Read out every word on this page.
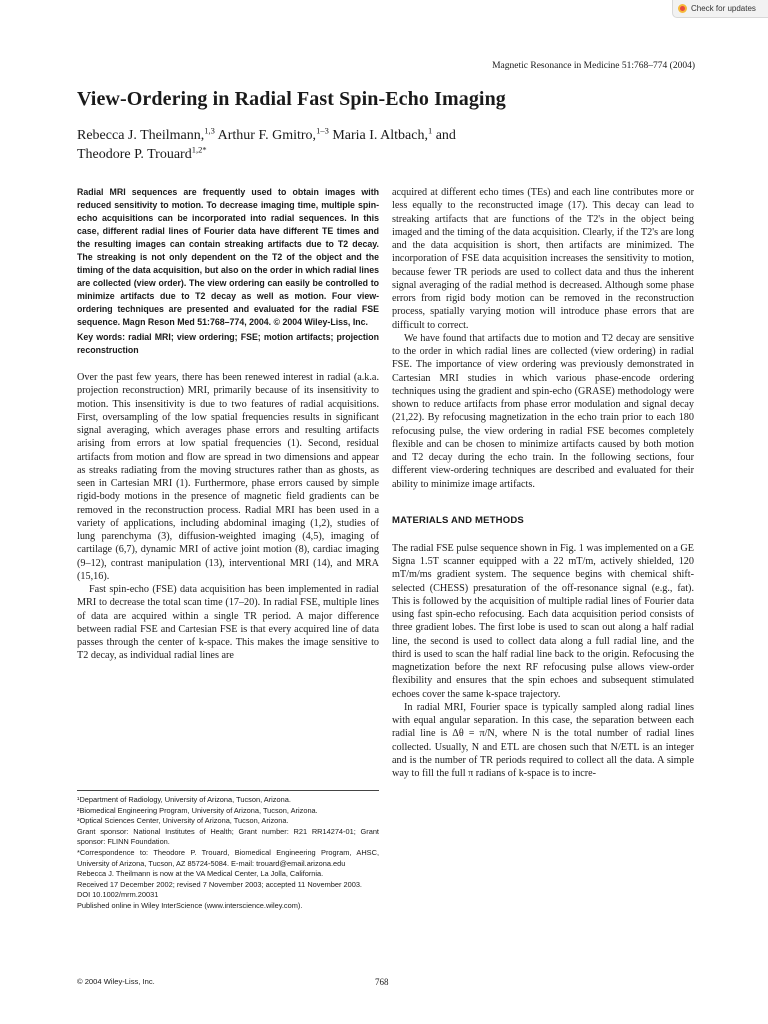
Check for updates
Magnetic Resonance in Medicine 51:768–774 (2004)
View-Ordering in Radial Fast Spin-Echo Imaging
Rebecca J. Theilmann,$^{1,3}$ Arthur F. Gmitro,$^{1-3}$ Maria I. Altbach,$^1$ and
Theodore P. Trouard$^{1,2*}$

Radial MRI sequences are frequently used to obtain images with reduced sensitivity to motion. To decrease imaging time, multiple spin-echo acquisitions can be incorporated into radial sequences. In this case, different radial lines of Fourier data have different TE times and the resulting images can contain streaking artifacts due to T2 decay. The streaking is not only dependent on the T2 of the object and the timing of the data acquisition, but also on the order in which radial lines are collected (view order). The view ordering can easily be controlled to minimize artifacts due to T2 decay as well as motion. Four view-ordering techniques are presented and evaluated for the radial FSE sequence. Magn Reson Med 51:768–774, 2004. © 2004 Wiley-Liss, Inc.

Key words: radial MRI; view ordering; FSE; motion artifacts; projection reconstruction

Over the past few years, there has been renewed interest in radial (a.k.a. projection reconstruction) MRI, primarily because of its insensitivity to motion. This insensitivity is due to two features of radial acquisitions. First, oversampling of the low spatial frequencies results in significant signal averaging, which averages phase errors and resulting artifacts arising from errors at low spatial frequencies (1). Second, residual artifacts from motion and flow are spread in two dimensions and appear as streaks radiating from the moving structures rather than as ghosts, as seen in Cartesian MRI (1). Furthermore, phase errors caused by simple rigid-body motions in the presence of magnetic field gradients can be removed in the reconstruction process. Radial MRI has been used in a variety of applications, including abdominal imaging (1,2), studies of lung parenchyma (3), diffusion-weighted imaging (4,5), imaging of cartilage (6,7), dynamic MRI of active joint motion (8), cardiac imaging (9–12), contrast manipulation (13), interventional MRI (14), and MRA (15,16).

Fast spin-echo (FSE) data acquisition has been implemented in radial MRI to decrease the total scan time (17–20). In radial FSE, multiple lines of data are acquired within a single TR period. A major difference between radial FSE and Cartesian FSE is that every acquired line of data passes through the center of k-space. This makes the image sensitive to T2 decay, as individual radial lines are

acquired at different echo times (TEs) and each line contributes more or less equally to the reconstructed image (17). This decay can lead to streaking artifacts that are functions of the T2's in the object being imaged and the timing of the data acquisition. Clearly, if the T2's are long and the data acquisition is short, then artifacts are minimized. The incorporation of FSE data acquisition increases the sensitivity to motion, because fewer TR periods are used to collect data and thus the inherent signal averaging of the radial method is decreased. Although some phase errors from rigid body motion can be removed in the reconstruction process, spatially varying motion will introduce phase errors that are difficult to correct.

We have found that artifacts due to motion and T2 decay are sensitive to the order in which radial lines are collected (view ordering) in radial FSE. The importance of view ordering was previously demonstrated in Cartesian MRI studies in which various phase-encode ordering techniques using the gradient and spin-echo (GRASE) methodology were shown to reduce artifacts from phase error modulation and signal decay (21,22). By refocusing magnetization in the echo train prior to each 180 refocusing pulse, the view ordering in radial FSE becomes completely flexible and can be chosen to minimize artifacts caused by both motion and T2 decay during the echo train. In the following sections, four different view-ordering techniques are described and evaluated for their ability to minimize image artifacts.

MATERIALS AND METHODS

The radial FSE pulse sequence shown in Fig. 1 was implemented on a GE Signa 1.5T scanner equipped with a 22 mT/m, actively shielded, 120 mT/m/ms gradient system. The sequence begins with chemical shift-selected (CHESS) presaturation of the off-resonance signal (e.g., fat). This is followed by the acquisition of multiple radial lines of Fourier data using fast spin-echo refocusing. Each data acquisition period consists of three gradient lobes. The first lobe is used to scan out along a half radial line, the second is used to collect data along a full radial line, and the third is used to scan the half radial line back to the origin. Refocusing the magnetization before the next RF refocusing pulse allows view-order flexibility and ensures that the spin echoes and subsequent stimulated echoes cover the same k-space trajectory.

In radial MRI, Fourier space is typically sampled along radial lines with equal angular separation. In this case, the separation between each radial line is Δθ = π/N, where N is the total number of radial lines collected. Usually, N and ETL are chosen such that N/ETL is an integer and is the number of TR periods required to collect all the data. A simple way to fill the full π radians of k-space is to incre-

¹Department of Radiology, University of Arizona, Tucson, Arizona.

²Biomedical Engineering Program, University of Arizona, Tucson, Arizona.

³Optical Sciences Center, University of Arizona, Tucson, Arizona.

Grant sponsor: National Institutes of Health; Grant number: R21 RR14274-01; Grant sponsor: FLINN Foundation.

*Correspondence to: Theodore P. Trouard, Biomedical Engineering Program, AHSC, University of Arizona, Tucson, AZ 85724-5084. E-mail: trouard@email.arizona.edu

Rebecca J. Theilmann is now at the VA Medical Center, La Jolla, California.

Received 17 December 2002; revised 7 November 2003; accepted 11 November 2003.

DOI 10.1002/mrm.20031

Published online in Wiley InterScience (www.interscience.wiley.com).

© 2004 Wiley-Liss, Inc.	768
